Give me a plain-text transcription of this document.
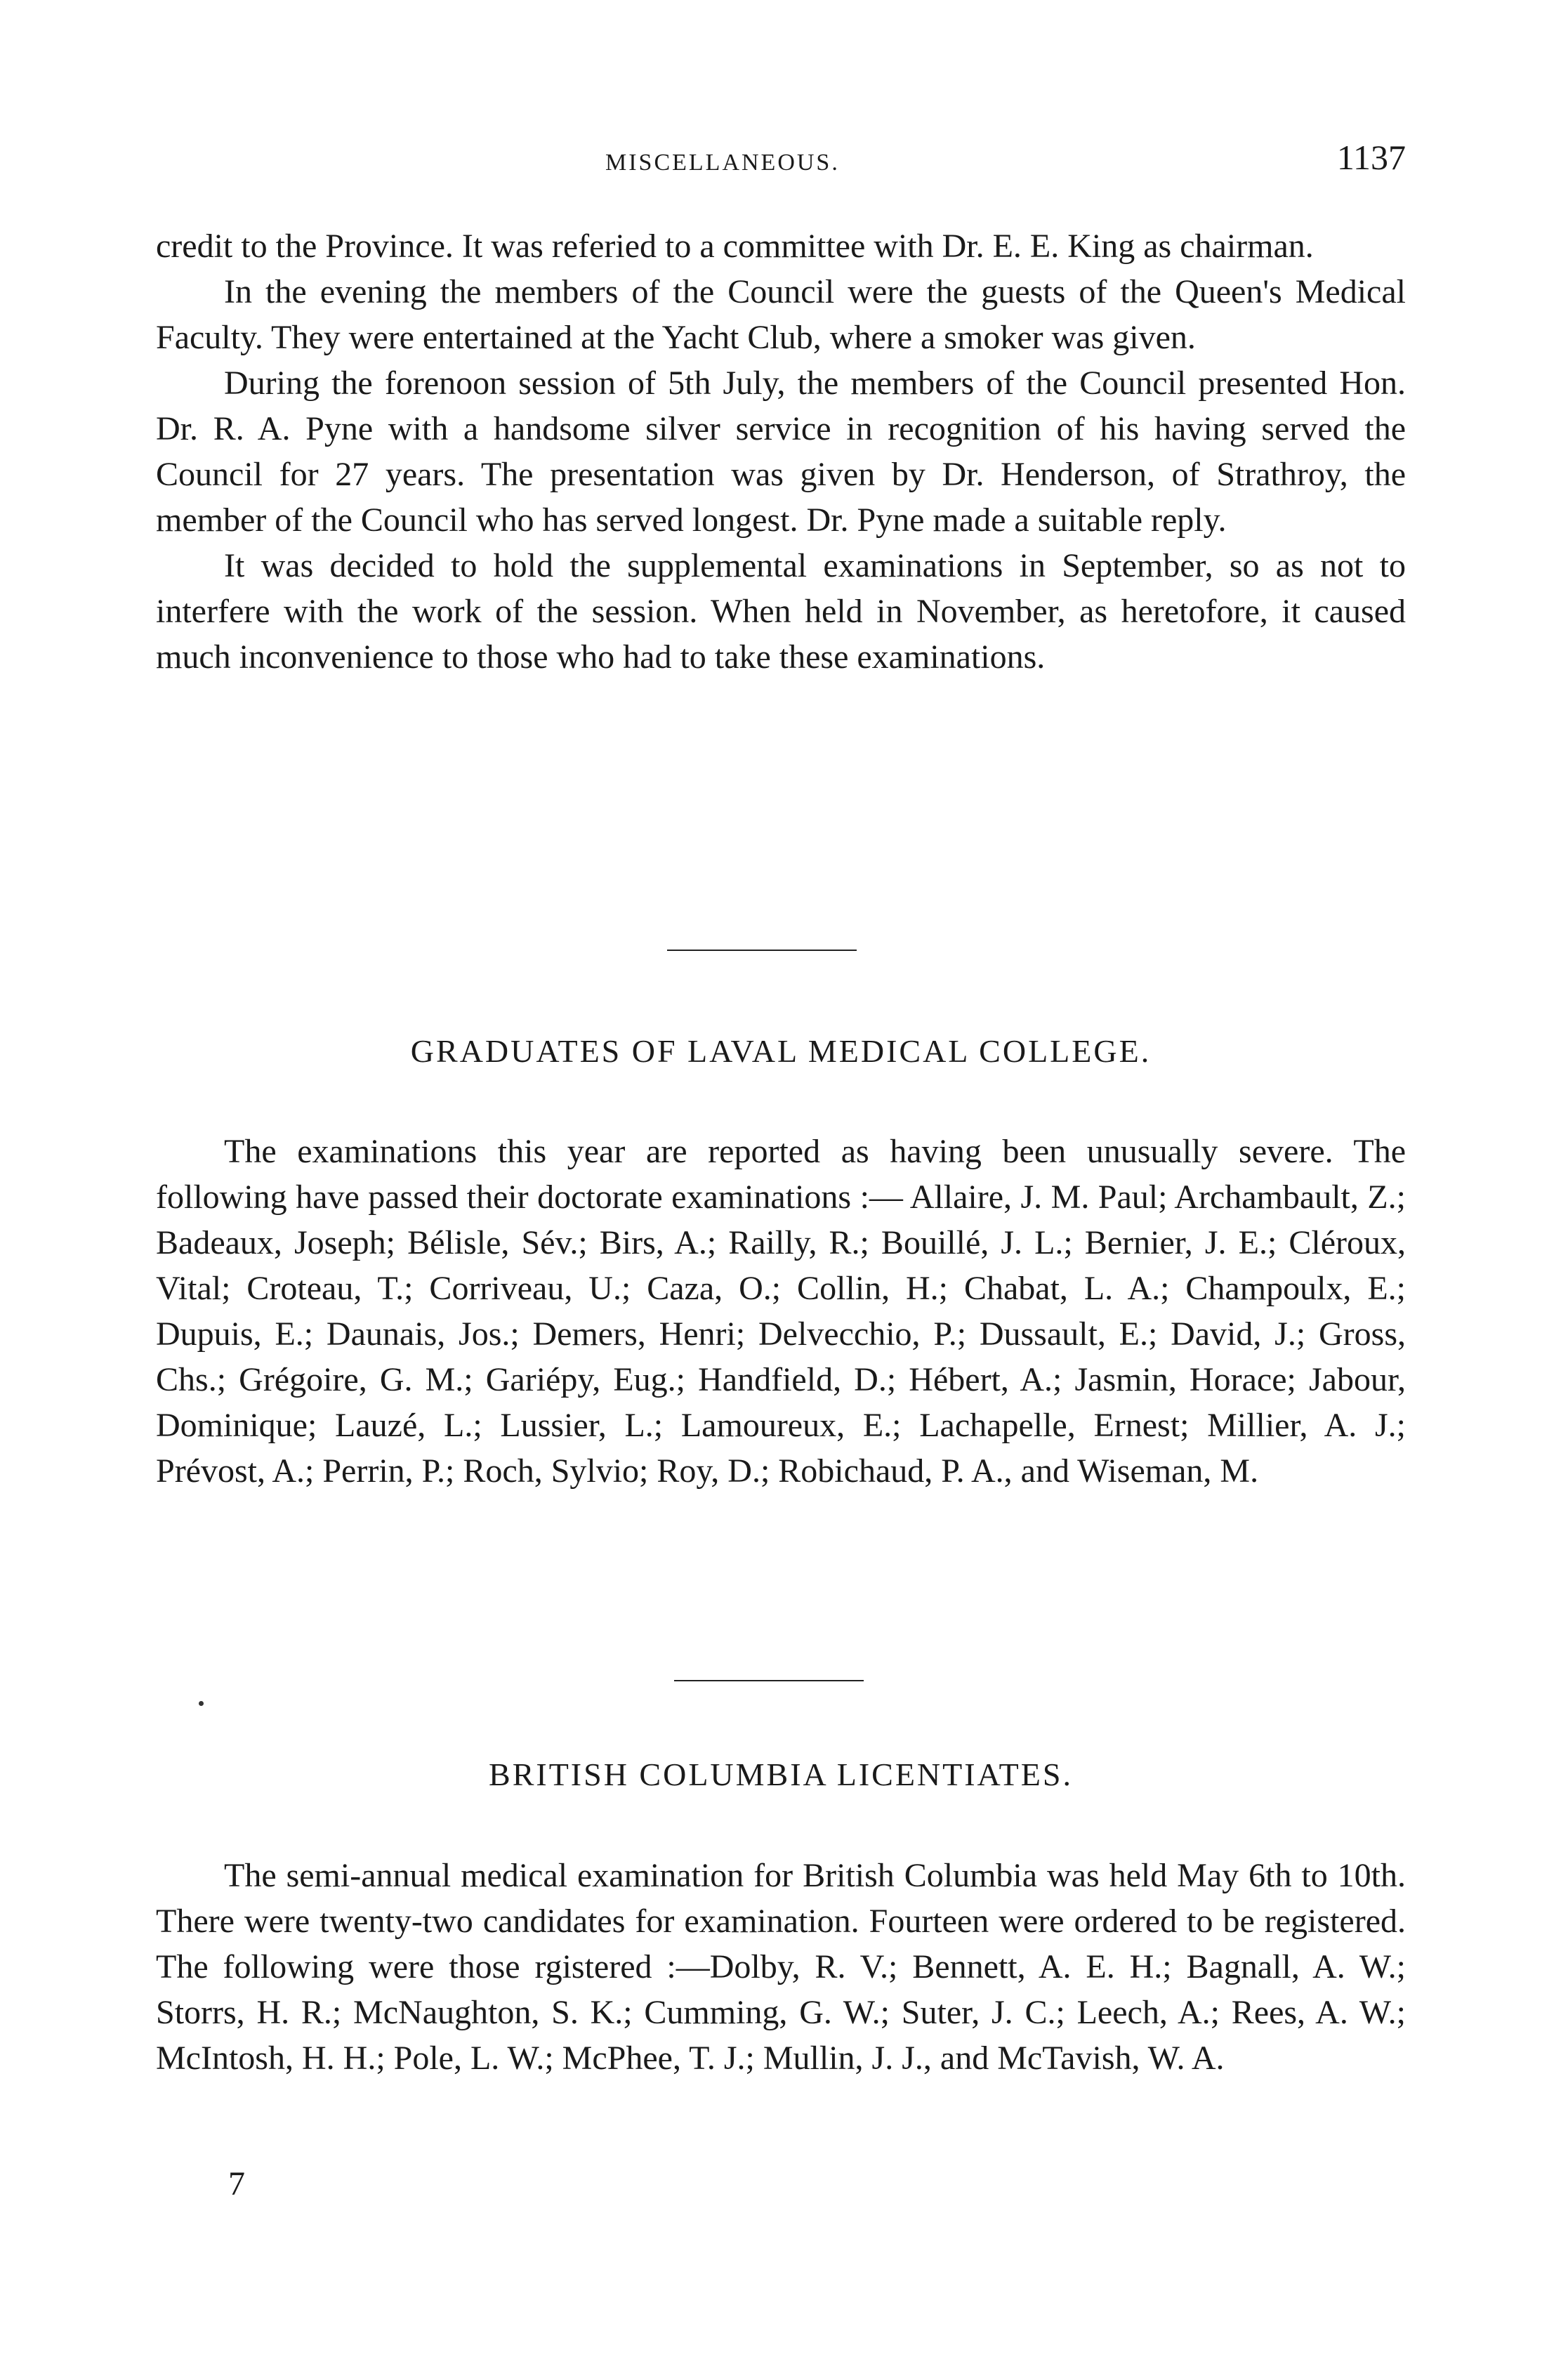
MISCELLANEOUS.	1137

credit to the Province. It was referied to a committee with Dr. E. E. King as chairman.

In the evening the members of the Council were the guests of the Queen's Medical Faculty. They were entertained at the Yacht Club, where a smoker was given.

During the forenoon session of 5th July, the members of the Council presented Hon. Dr. R. A. Pyne with a handsome silver service in recognition of his having served the Council for 27 years. The presentation was given by Dr. Henderson, of Strathroy, the member of the Council who has served longest. Dr. Pyne made a suitable reply.

It was decided to hold the supplemental examinations in September, so as not to interfere with the work of the session. When held in November, as heretofore, it caused much inconvenience to those who had to take these examinations.

GRADUATES OF LAVAL MEDICAL COLLEGE.

The examinations this year are reported as having been unusually severe. The following have passed their doctorate examinations :— Allaire, J. M. Paul; Archambault, Z.; Badeaux, Joseph; Bélisle, Sév.; Birs, A.; Railly, R.; Bouillé, J. L.; Bernier, J. E.; Cléroux, Vital; Croteau, T.; Corriveau, U.; Caza, O.; Collin, H.; Chabat, L. A.; Champoulx, E.; Dupuis, E.; Daunais, Jos.; Demers, Henri; Delvecchio, P.; Dussault, E.; David, J.; Gross, Chs.; Grégoire, G. M.; Gariépy, Eug.; Handfield, D.; Hébert, A.; Jasmin, Horace; Jabour, Dominique; Lauzé, L.; Lussier, L.; Lamoureux, E.; Lachapelle, Ernest; Millier, A. J.; Prévost, A.; Perrin, P.; Roch, Sylvio; Roy, D.; Robichaud, P. A., and Wiseman, M.

BRITISH COLUMBIA LICENTIATES.

The semi-annual medical examination for British Columbia was held May 6th to 10th. There were twenty-two candidates for examination. Fourteen were ordered to be registered. The following were those rgistered :—Dolby, R. V.; Bennett, A. E. H.; Bagnall, A. W.; Storrs, H. R.; McNaughton, S. K.; Cumming, G. W.; Suter, J. C.; Leech, A.; Rees, A. W.; McIntosh, H. H.; Pole, L. W.; McPhee, T. J.; Mullin, J. J., and McTavish, W. A.

7
